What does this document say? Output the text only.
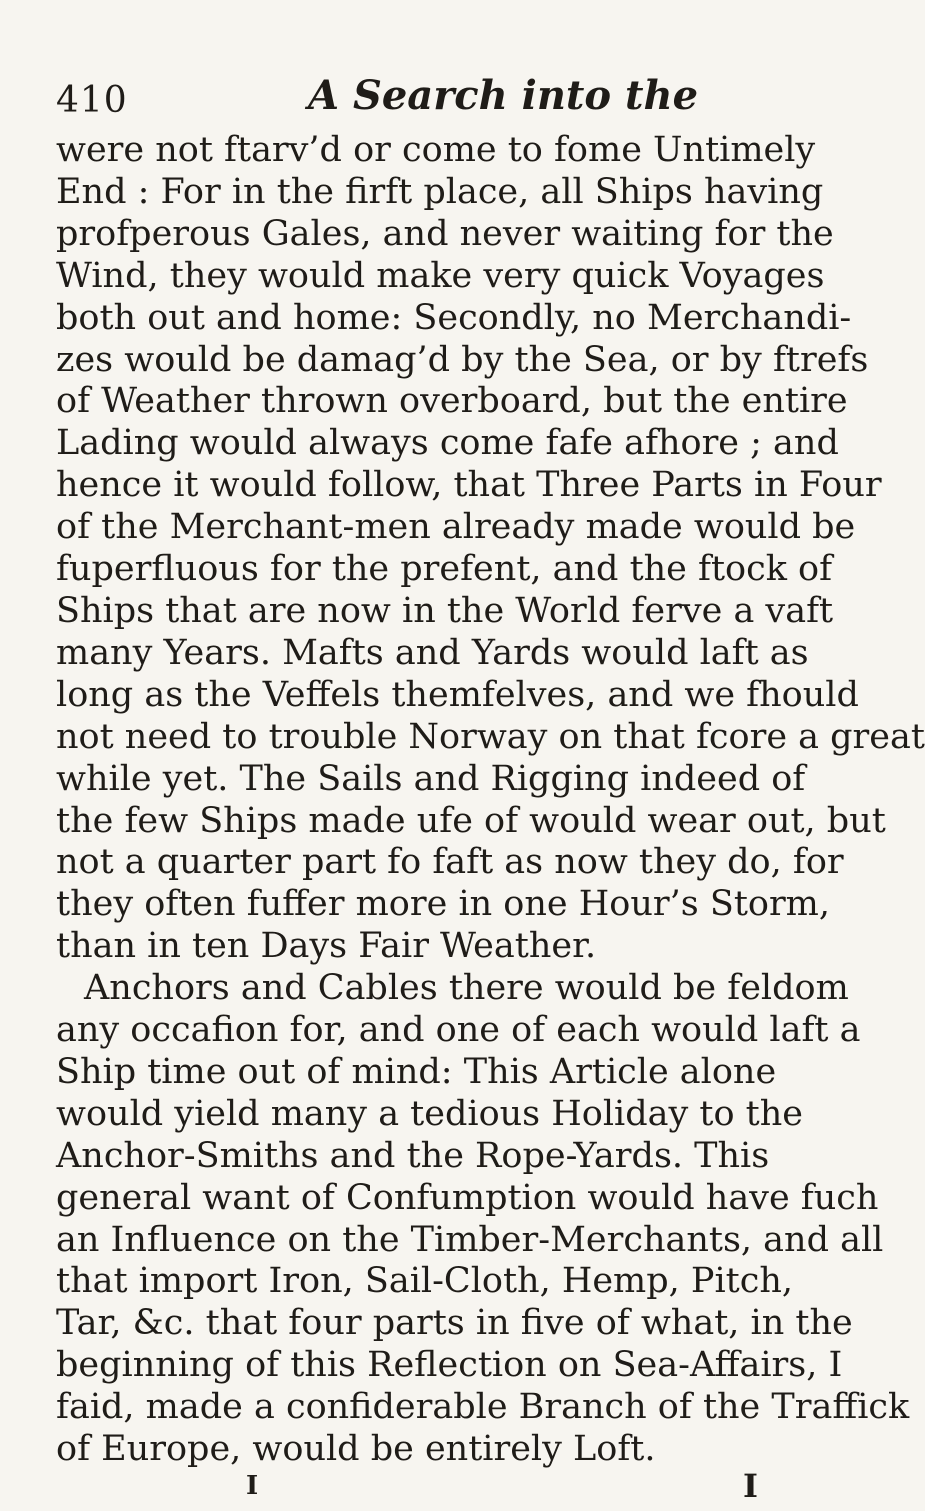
410	A Search into the
were not ftarv’d or come to fome Untimely
End : For in the firft place, all Ships having
profperous Gales, and never waiting for the
Wind, they would make very quick Voyages
both out and home: Secondly, no Merchandi-
zes would be damag’d by the Sea, or by ftrefs
of Weather thrown overboard, but the entire
Lading would always come fafe afhore ; and
hence it would follow, that Three Parts in Four
of the Merchant-men already made would be
fuperfluous for the prefent, and the ftock of
Ships that are now in the World ferve a vaft
many Years. Mafts and Yards would laft as
long as the Veffels themfelves, and we fhould
not need to trouble Norway on that fcore a great
while yet. The Sails and Rigging indeed of
the few Ships made ufe of would wear out, but
not a quarter part fo faft as now they do, for
they often fuffer more in one Hour’s Storm,
than in ten Days Fair Weather.
Anchors and Cables there would be feldom
any occafion for, and one of each would laft a
Ship time out of mind: This Article alone
would yield many a tedious Holiday to the
Anchor-Smiths and the Rope-Yards. This
general want of Confumption would have fuch
an Influence on the Timber-Merchants, and all
that import Iron, Sail-Cloth, Hemp, Pitch,
Tar, &c. that four parts in five of what, in the
beginning of this Reflection on Sea-Affairs, I
faid, made a confiderable Branch of the Traffick
of Europe, would be entirely Loft.
I	I
